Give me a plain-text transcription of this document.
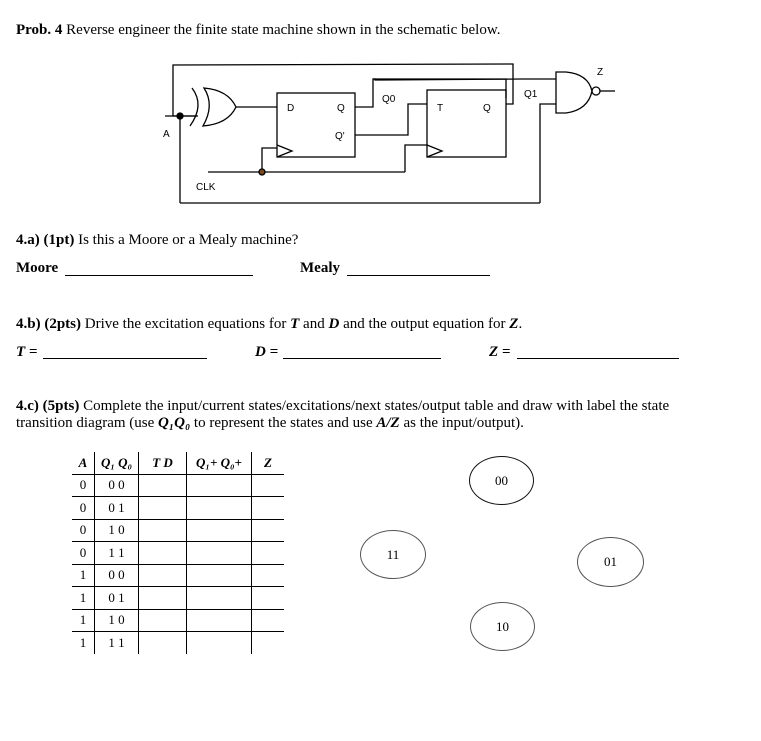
Prob. 4 Reverse engineer the finite state machine shown in the schematic below.
A
CLK
D	Q
Q'
Q0
T	Q
Q1
Z
4.a) (1pt) Is this a Moore or a Mealy machine?
Moore	Mealy
4.b) (2pts) Drive the excitation equations for T and D and the output equation for Z.
T =	D =	Z =
4.c) (5pts) Complete the input/current states/excitations/next states/output table and draw with label the state
transition diagram (use Q₁Q₀ to represent the states and use A/Z as the input/output).
A	Q₁ Q₀	T D	Q₁+ Q₀+	Z
0	0 0			
0	0 1			
0	1 0			
0	1 1			
1	0 0			
1	0 1			
1	1 0			
1	1 1			
00
11	01
10
